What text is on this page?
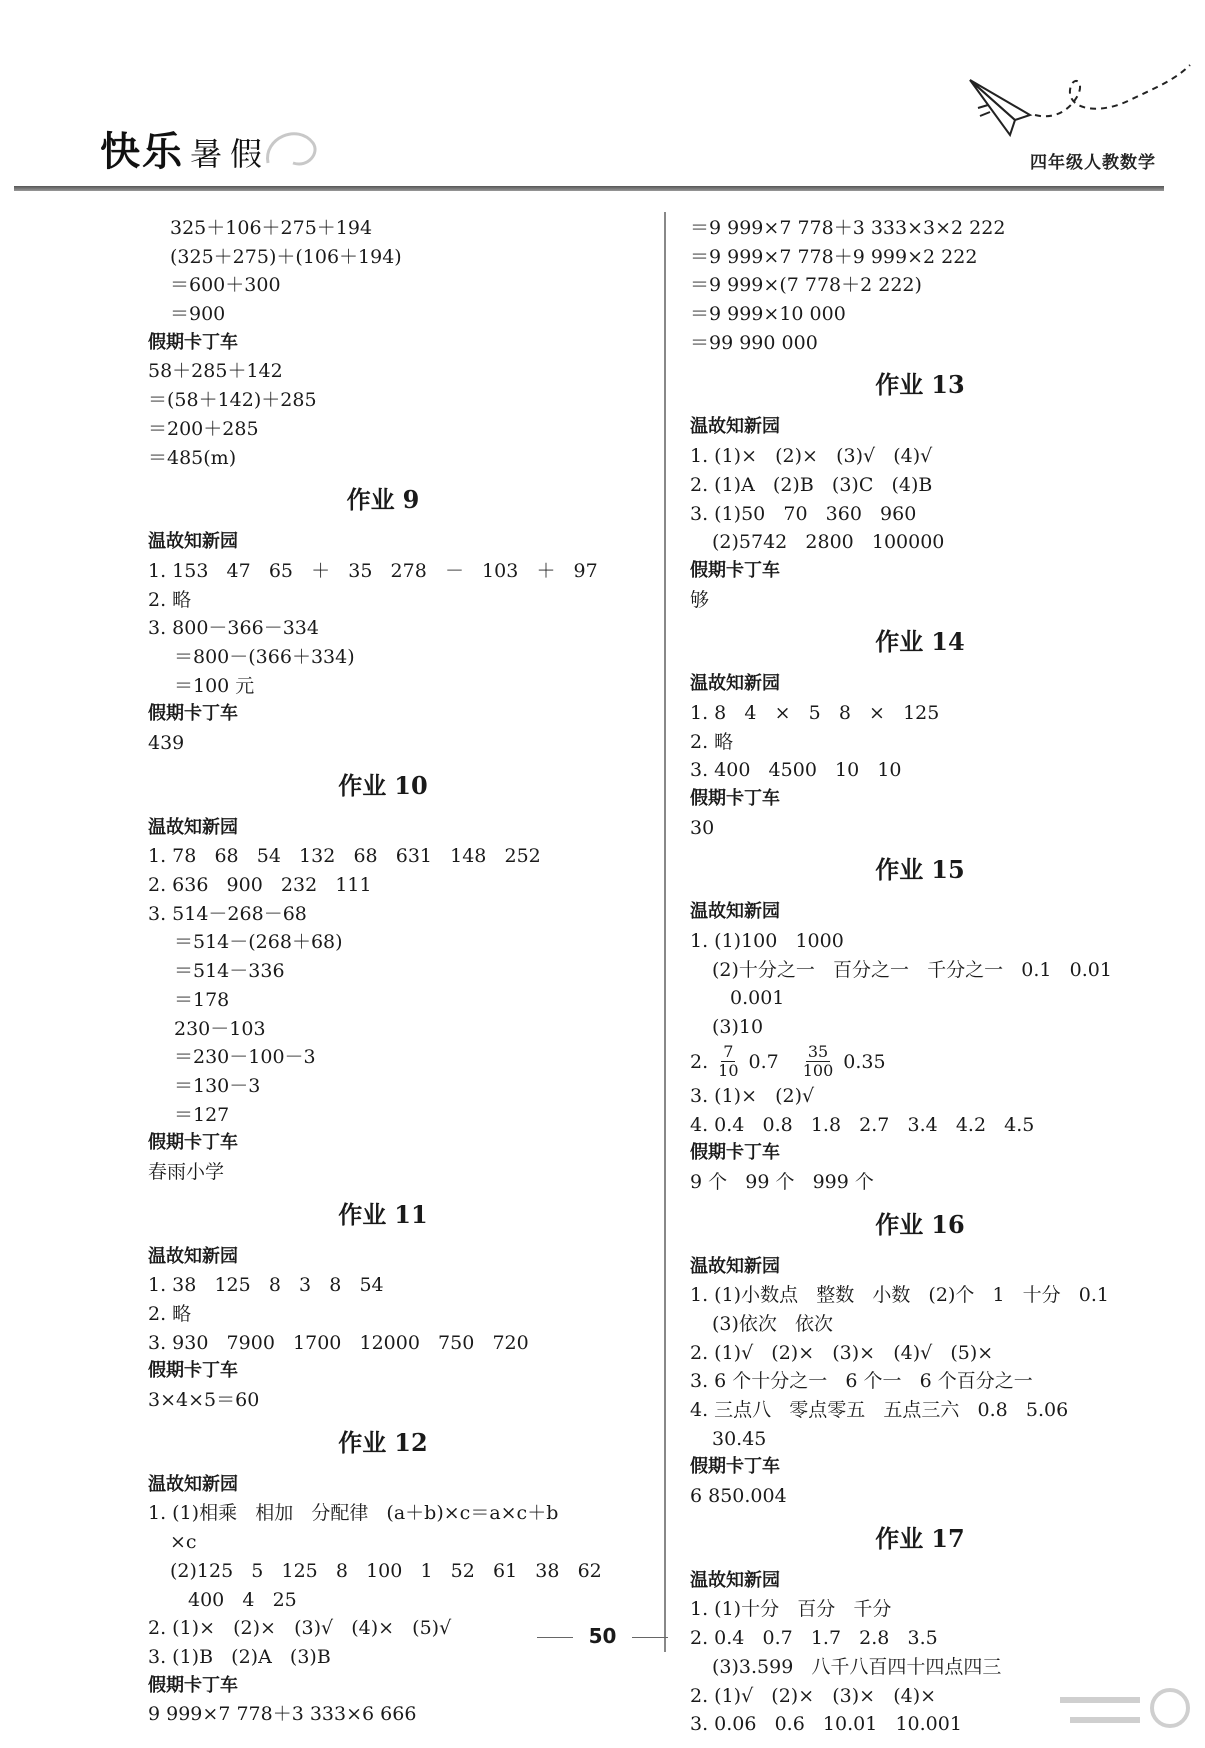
快乐 暑假	四年级人教数学
325＋106＋275＋194
(325＋275)＋(106＋194)
＝600＋300
＝900
假期卡丁车
58＋285＋142
＝(58＋142)＋285
＝200＋285
＝485(m)
作业 9
温故知新园
1. 153   47   65   ＋   35   278   －   103   ＋   97
2. 略
3. 800－366－334
＝800－(366＋334)
＝100 元
假期卡丁车
439
作业 10
温故知新园
1. 78   68   54   132   68   631   148   252
2. 636   900   232   111
3. 514－268－68
＝514－(268＋68)
＝514－336
＝178
230－103
＝230－100－3
＝130－3
＝127
假期卡丁车
春雨小学
作业 11
温故知新园
1. 38   125   8   3   8   54
2. 略
3. 930   7900   1700   12000   750   720
假期卡丁车
3×4×5＝60
作业 12
温故知新园
1. (1)相乘   相加   分配律   (a＋b)×c＝a×c＋b
×c
(2)125   5   125   8   100   1   52   61   38   62
400   4   25
2. (1)×   (2)×   (3)√   (4)×   (5)√
3. (1)B   (2)A   (3)B
假期卡丁车
9 999×7 778＋3 333×6 666
＝9 999×7 778＋3 333×3×2 222
＝9 999×7 778＋9 999×2 222
＝9 999×(7 778＋2 222)
＝9 999×10 000
＝99 990 000
作业 13
温故知新园
1. (1)×   (2)×   (3)√   (4)√
2. (1)A   (2)B   (3)C   (4)B
3. (1)50   70   360   960
(2)5742   2800   100000
假期卡丁车
够
作业 14
温故知新园
1. 8   4   ×   5   8   ×   125
2. 略
3. 400   4500   10   10
假期卡丁车
30
作业 15
温故知新园
1. (1)100   1000
(2)十分之一   百分之一   千分之一   0.1   0.01
0.001
(3)10
2. $\frac{7}{10} 0.7 \frac{35}{100} 0.35$
3. (1)×   (2)√
4. 0.4   0.8   1.8   2.7   3.4   4.2   4.5
假期卡丁车
9 个   99 个   999 个
作业 16
温故知新园
1. (1)小数点   整数   小数   (2)个   1   十分   0.1
(3)依次   依次
2. (1)√   (2)×   (3)×   (4)√   (5)×
3. 6 个十分之一   6 个一   6 个百分之一
4. 三点八   零点零五   五点三六   0.8   5.06
30.45
假期卡丁车
6 850.004
作业 17
温故知新园
1. (1)十分   百分   千分
2. 0.4   0.7   1.7   2.8   3.5
(3)3.599   八千八百四十四点四三
2. (1)√   (2)×   (3)×   (4)×
3. 0.06   0.6   10.01   10.001
50
